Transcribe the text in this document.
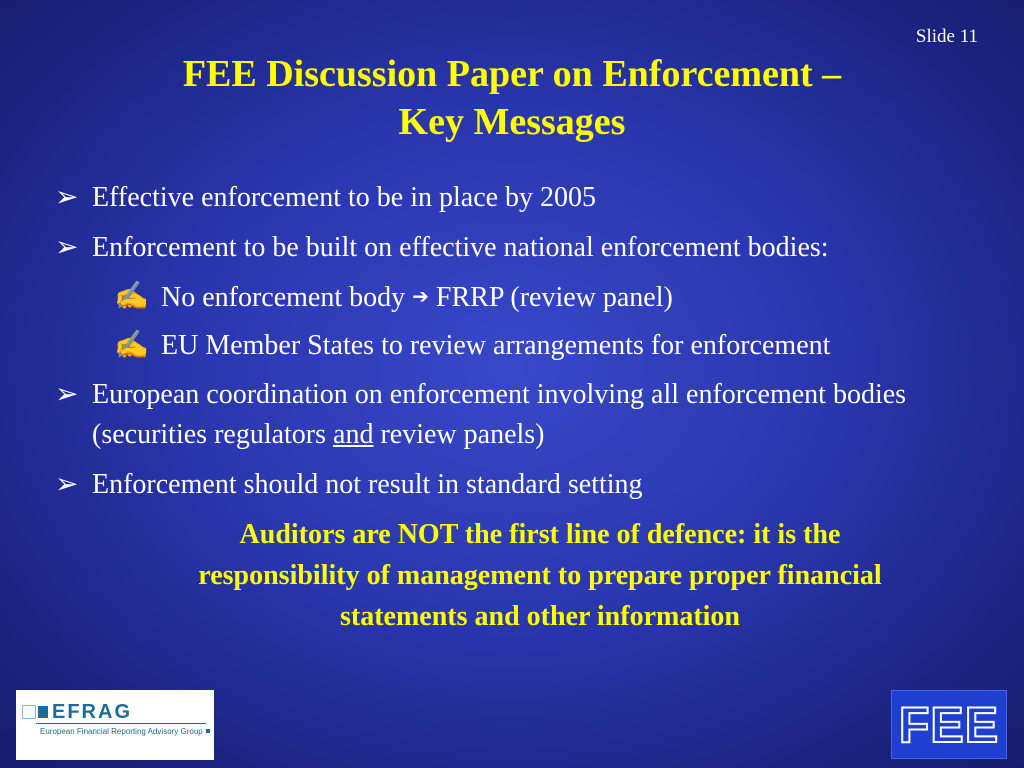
Slide 11
FEE Discussion Paper on Enforcement –
Key Messages
➢ Effective enforcement to be in place by 2005
➢ Enforcement to be built on effective national enforcement bodies:
✍ No enforcement body ➔ FRRP (review panel)
✍ EU Member States to review arrangements for enforcement
➢ European coordination on enforcement involving all enforcement bodies (securities regulators and review panels)
➢ Enforcement should not result in standard setting
Auditors are NOT the first line of defence: it is the
responsibility of management to prepare proper financial
statements and other information
EFRAG
European Financial Reporting Advisory Group	FEE
